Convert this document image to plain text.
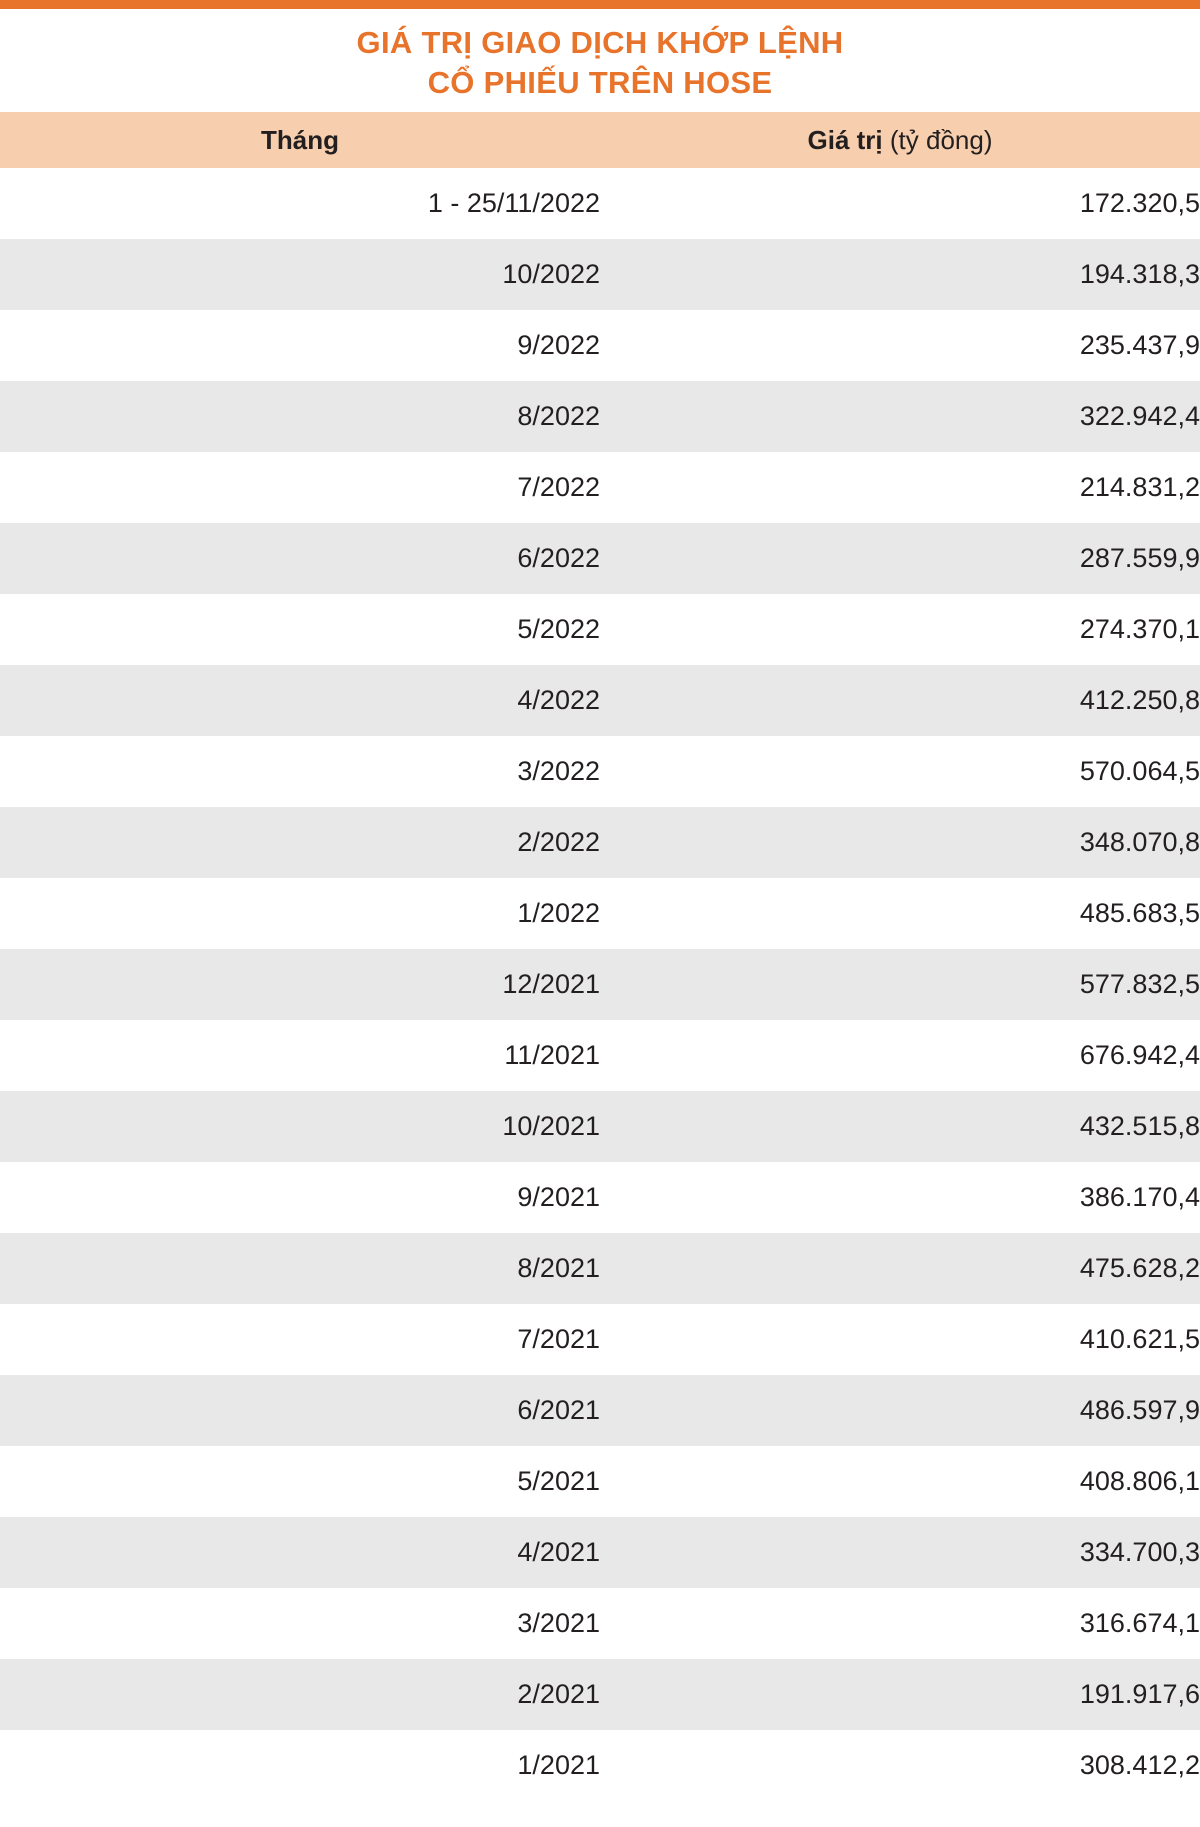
GIÁ TRỊ GIAO DỊCH KHỚP LỆNH
CỔ PHIẾU TRÊN HOSE
Tháng	Giá trị (tỷ đồng)
1 - 25/11/2022	172.320,5
10/2022	194.318,3
9/2022	235.437,9
8/2022	322.942,4
7/2022	214.831,2
6/2022	287.559,9
5/2022	274.370,1
4/2022	412.250,8
3/2022	570.064,5
2/2022	348.070,8
1/2022	485.683,5
12/2021	577.832,5
11/2021	676.942,4
10/2021	432.515,8
9/2021	386.170,4
8/2021	475.628,2
7/2021	410.621,5
6/2021	486.597,9
5/2021	408.806,1
4/2021	334.700,3
3/2021	316.674,1
2/2021	191.917,6
1/2021	308.412,2
